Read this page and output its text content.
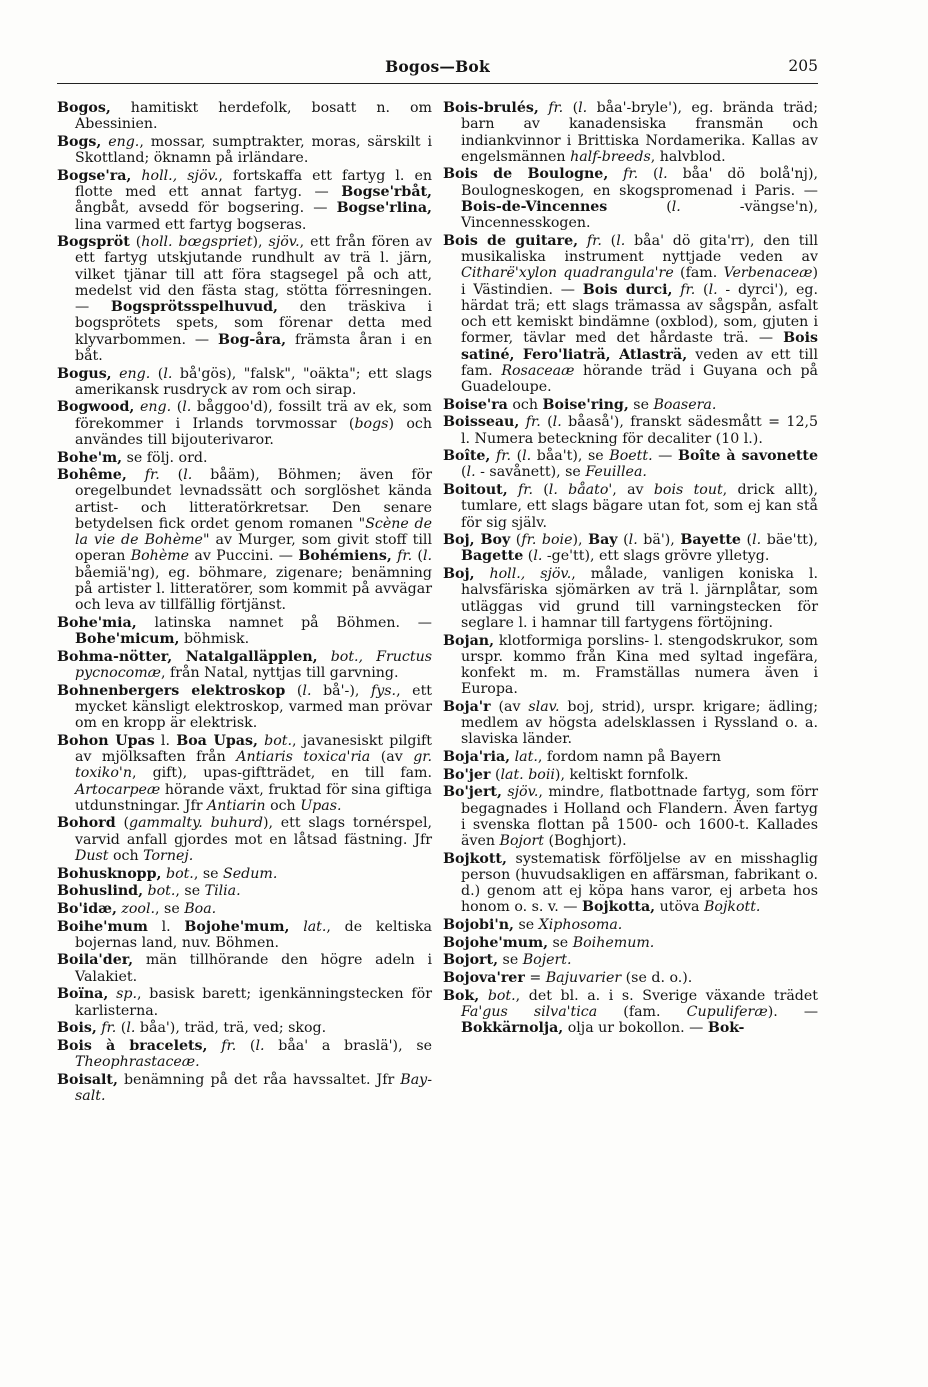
Bogos—Bok	205

Bogos, hamitiskt herdefolk, bosatt n. om Abessinien.

Bogs, eng., mossar, sumptrakter, moras, särskilt i Skottland; öknamn på irländare.

Bogse'ra, holl., sjöv., fortskaffa ett fartyg l. en flotte med ett annat fartyg. — Bogse'rbåt, ångbåt, avsedd för bogsering. — Bogse'rlina, lina varmed ett fartyg bogseras.

Bogspröt (holl. bœgspriet), sjöv., ett från fören av ett fartyg utskjutande rundhult av trä l. järn, vilket tjänar till att föra stagsegel på och att, medelst vid den fästa stag, stötta förresningen. — Bogsprötsspelhuvud, den träskiva i bogsprötets spets, som förenar detta med klyvarbommen. — Bog-åra, främsta åran i en båt.

Bogus, eng. (l. bå'gös), "falsk", "oäkta"; ett slags amerikansk rusdryck av rom och sirap.

Bogwood, eng. (l. båggoo'd), fossilt trä av ek, som förekommer i Irlands torvmossar (bogs) och användes till bijouterivaror.

Bohe'm, se följ. ord.

Bohême, fr. (l. båäm), Böhmen; även för oregelbundet levnadssätt och sorglöshet kända artist- och litteratörkretsar. Den senare betydelsen fick ordet genom romanen "Scène de la vie de Bohème" av Murger, som givit stoff till operan Bohème av Puccini. — Bohémiens, fr. (l. båemiä'ng), eg. böhmare, zigenare; benämning på artister l. litteratörer, som kommit på avvägar och leva av tillfällig förtjänst.

Bohe'mia, latinska namnet på Böhmen. — Bohe'micum, böhmisk.

Bohma-nötter, Natalgalläpplen, bot., Fructus pycnocomæ, från Natal, nyttjas till garvning.

Bohnenbergers elektroskop (l. bå'-), fys., ett mycket känsligt elektroskop, varmed man prövar om en kropp är elektrisk.

Bohon Upas l. Boa Upas, bot., javanesiskt pilgift av mjölksaften från Antiaris toxica'ria (av gr. toxiko'n, gift), upas-giftträdet, en till fam. Artocarpeæ hörande växt, fruktad för sina giftiga utdunstningar. Jfr Antiarin och Upas.

Bohord (gammalty. buhurd), ett slags tornérspel, varvid anfall gjordes mot en låtsad fästning. Jfr Dust och Tornej.

Bohusknopp, bot., se Sedum.

Bohuslind, bot., se Tilia.

Bo'idæ, zool., se Boa.

Boihe'mum l. Bojohe'mum, lat., de keltiska bojernas land, nuv. Böhmen.

Boila'der, män tillhörande den högre adeln i Valakiet.

Boïna, sp., basisk barett; igenkänningstecken för karlisterna.

Bois, fr. (l. båa'), träd, trä, ved; skog.

Bois à bracelets, fr. (l. båa' a braslä'), se Theophrastaceæ.

Boisalt, benämning på det råa havssaltet. Jfr Bay-salt.

Bois-brulés, fr. (l. båa'-bryle'), eg. brända träd; barn av kanadensiska fransmän och indiankvinnor i Brittiska Nordamerika. Kallas av engelsmännen half-breeds, halvblod.

Bois de Boulogne, fr. (l. båa' dö bolå'nj), Boulogneskogen, en skogspromenad i Paris. — Bois-de-Vincennes (l. -vängse'n), Vincennesskogen.

Bois de guitare, fr. (l. båa' dö gita'rr), den till musikaliska instrument nyttjade veden av Citharë'xylon quadrangula're (fam. Verbenaceæ) i Västindien. — Bois durci, fr. (l. - dyrci'), eg. härdat trä; ett slags trämassa av sågspån, asfalt och ett kemiskt bindämne (oxblod), som, gjuten i former, tävlar med det hårdaste trä. — Bois satiné, Fero'liaträ, Atlasträ, veden av ett till fam. Rosaceaæ hörande träd i Guyana och på Guadeloupe.

Boise'ra och Boise'ring, se Boasera.

Boisseau, fr. (l. båaså'), franskt sädesmått = 12,5 l. Numera beteckning för decaliter (10 l.).

Boîte, fr. (l. båa't), se Boett. — Boîte à savonette (l. - savånett), se Feuillea.

Boitout, fr. (l. båato', av bois tout, drick allt), tumlare, ett slags bägare utan fot, som ej kan stå för sig själv.

Boj, Boy (fr. boie), Bay (l. bä'), Bayette (l. bäe'tt), Bagette (l. -ge'tt), ett slags grövre ylletyg.

Boj, holl., sjöv., målade, vanligen koniska l. halvsfäriska sjömärken av trä l. järnplåtar, som utläggas vid grund till varningstecken för seglare l. i hamnar till fartygens förtöjning.

Bojan, klotformiga porslins- l. stengodskrukor, som urspr. kommo från Kina med syltad ingefära, konfekt m. m. Framställas numera även i Europa.

Boja'r (av slav. boj, strid), urspr. krigare; ädling; medlem av högsta adelsklassen i Ryssland o. a. slaviska länder.

Boja'ria, lat., fordom namn på Bayern

Bo'jer (lat. boii), keltiskt fornfolk.

Bo'jert, sjöv., mindre, flatbottnade fartyg, som förr begagnades i Holland och Flandern. Även fartyg i svenska flottan på 1500- och 1600-t. Kallades även Bojort (Boghjort).

Bojkott, systematisk förföljelse av en misshaglig person (huvudsakligen en affärsman, fabrikant o. d.) genom att ej köpa hans varor, ej arbeta hos honom o. s. v. — Bojkotta, utöva Bojkott.

Bojobi'n, se Xiphosoma.

Bojohe'mum, se Boihemum.

Bojort, se Bojert.

Bojova'rer = Bajuvarier (se d. o.).

Bok, bot., det bl. a. i s. Sverige växande trädet Fa'gus silva'tica (fam. Cupuliferæ). — Bokkärnolja, olja ur bokollon. — Bok-
